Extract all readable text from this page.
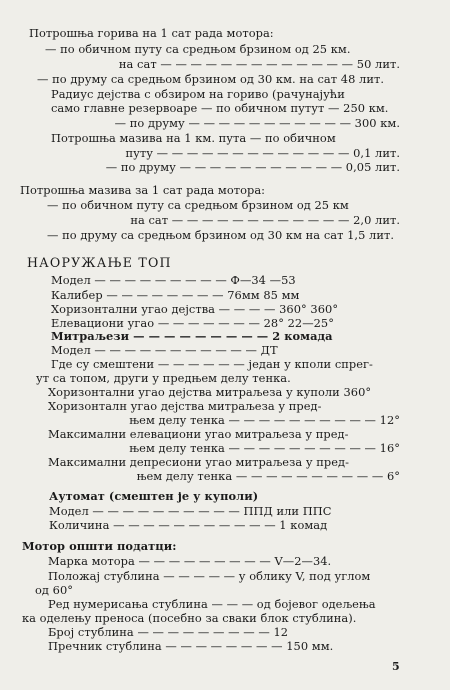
Потрошња горива на 1 сат рада мотора:
— по обичном путу са средњом брзином од 25 км.
на сат — — — — — — — — — — — — — 50 лит.
— по друму са средњом брзином од 30 км. на сат 48 лит.
Радиус дејства с обзиром на гориво (рачунајући
само главне резервоаре — по обичном путут — 250 км.
— по друму — — — — — — — — — — — 300 км.
Потрошња мазива на 1 км. пута — по обичном
путу — — — — — — — — — — — — — 0,1 лит.
— по друму — — — — — — — — — — — 0,05 лит.
Потрошња мазива за 1 сат рада мотора:
— по обичном путу са средњом брзином од 25 км
на сат — — — — — — — — — — — — 2,0 лит.
— по друму са средњом брзином од 30 км на сат 1,5 лит.
НАОРУЖАЊЕ ТОП
Модел — — — — — — — — — Ф—34 —53
Калибер — — — — — — — — 76мм 85 мм
Хоризонтални угао дејства — — — — 360° 360°
Елевациони угао — — — — — — — 28° 22—25°
Митраљези — — — — — — — — — 2 комада
Модел — — — — — — — — — — — ДТ
Где су смештени — — — — — — један у кполи спрег-
ут са топом, други у предњем делу тенка.
Хоризонтални угао дејства митраљеза у куполи 360°
Хоризонталн угао дејства митраљеза у пред-
њем делу тенка — — — — — — — — — — 12°
Максимални елевациони угао митраљеза у пред-
њем делу тенка — — — — — — — — — — 16°
Максимални депресиони угао митраљеза у пред-
њем делу тенка — — — — — — — — — — 6°
Аутомат (смештен је у куполи)
Модел — — — — — — — — — — ППД или ППС
Количина — — — — — — — — — — — 1 комад
Мотор општи податци:
Марка мотора — — — — — — — — — V—2—34.
Положај стублина — — — — — у облику V, под углом
од 60°
Ред нумерисања стублина — — — од бојевог одељења
ка оделењу преноса (посебно за сваки блок стублина).
Број стублина — — — — — — — — — 12
Пречник стублина — — — — — — — — 150 мм.
5
